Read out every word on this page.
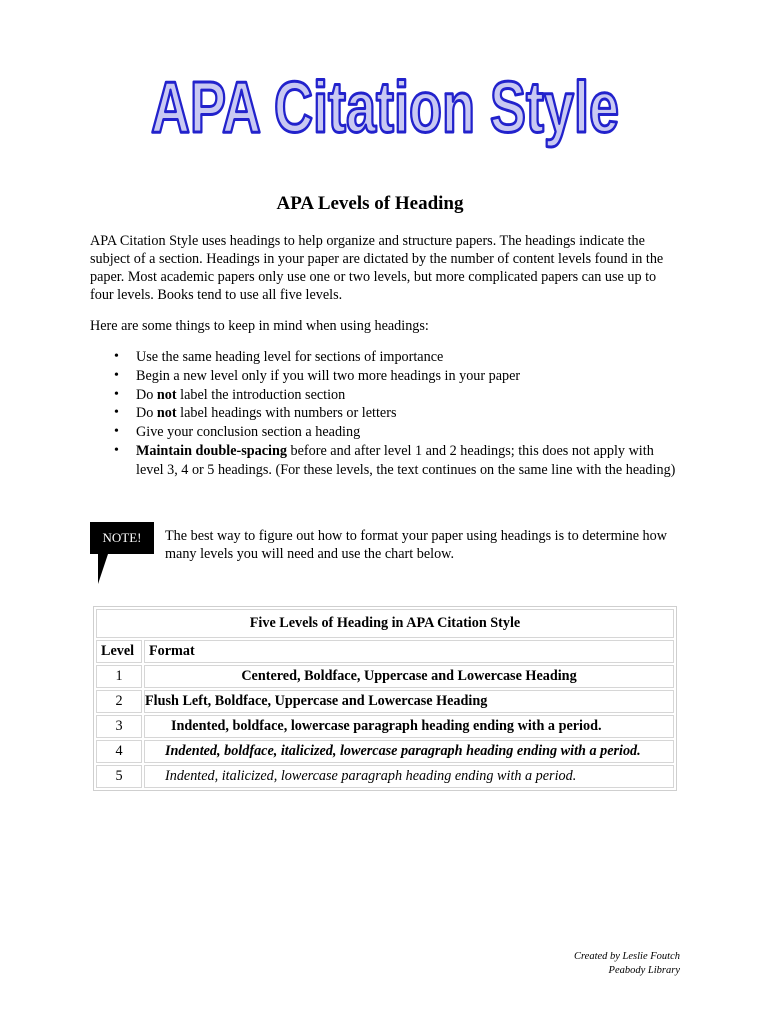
APA Citation Style
APA Levels of Heading

APA Citation Style uses headings to help organize and structure papers. The headings indicate the subject of a section. Headings in your paper are dictated by the number of content levels found in the paper. Most academic papers only use one or two levels, but more complicated papers can use up to four levels. Books tend to use all five levels.

Here are some things to keep in mind when using headings:

• Use the same heading level for sections of importance
• Begin a new level only if you will two more headings in your paper
• Do not label the introduction section
• Do not label headings with numbers or letters
• Give your conclusion section a heading
• Maintain double-spacing before and after level 1 and 2 headings; this does not apply with level 3, 4 or 5 headings. (For these levels, the text continues on the same line with the heading)
NOTE!	The best way to figure out how to format your paper using headings is to determine how many levels you will need and use the chart below.

Five Levels of Heading in APA Citation Style	
Level	Format
1	Centered, Boldface, Uppercase and Lowercase Heading
2	Flush Left, Boldface, Uppercase and Lowercase Heading
3	Indented, boldface, lowercase paragraph heading ending with a period.
4	Indented, boldface, italicized, lowercase paragraph heading ending with a period.
5	Indented, italicized, lowercase paragraph heading ending with a period.
Created by Leslie Foutch
Peabody Library
